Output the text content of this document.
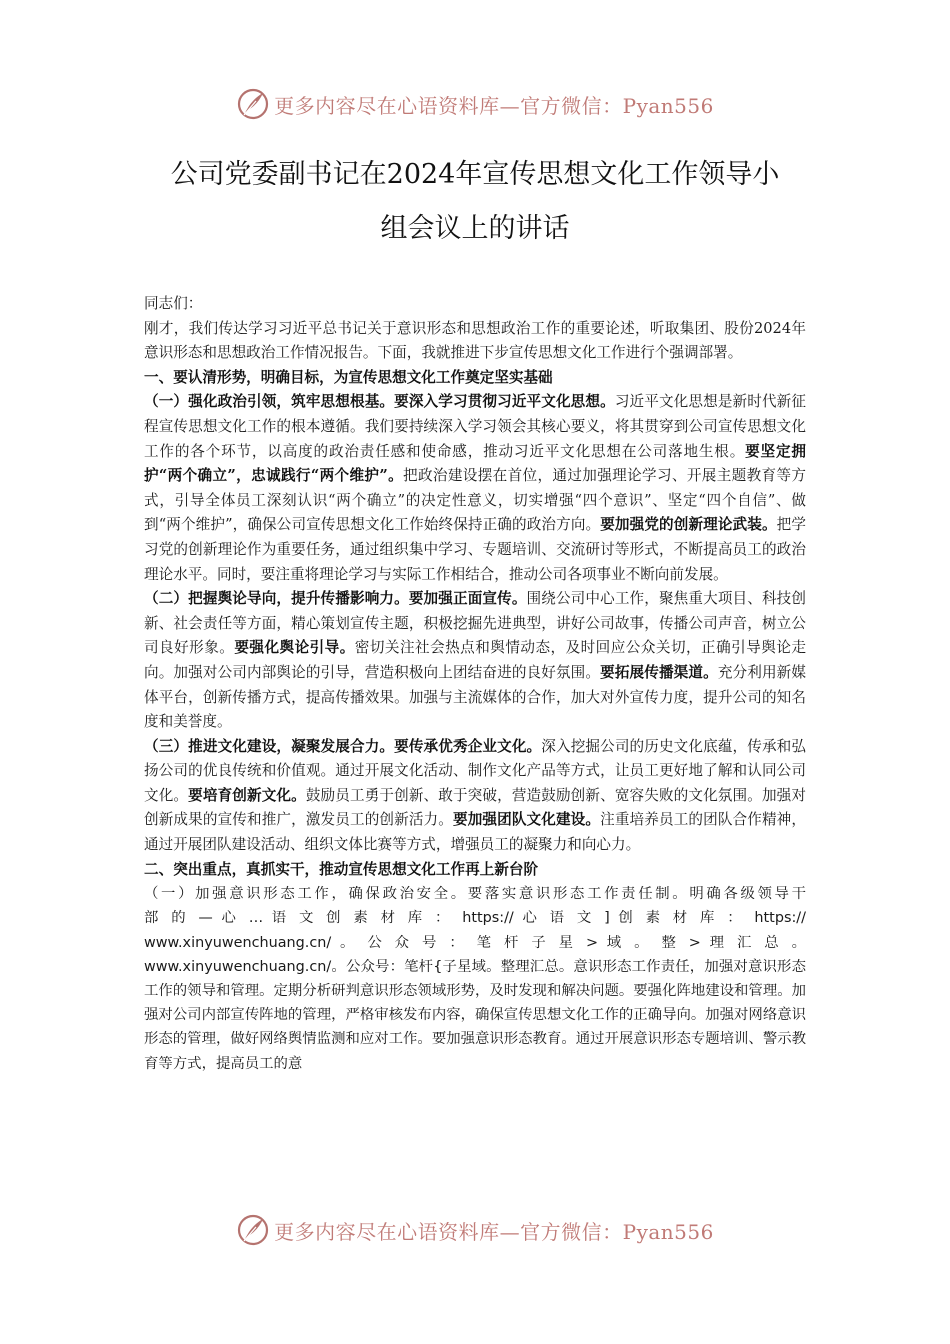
更多内容尽在心语资料库—官方微信：Pyan556
公司党委副书记在2024年宣传思想文化工作领导小
组会议上的讲话

同志们：

刚才，我们传达学习习近平总书记关于意识形态和思想政治工作的重要论述，听取集团、股份2024年意识形态和思想政治工作情况报告。下面，我就推进下步宣传思想文化工作进行个强调部署。

一、要认清形势，明确目标，为宣传思想文化工作奠定坚实基础

（一）强化政治引领，筑牢思想根基。要深入学习贯彻习近平文化思想。习近平文化思想是新时代新征程宣传思想文化工作的根本遵循。我们要持续深入学习领会其核心要义，将其贯穿到公司宣传思想文化工作的各个环节，以高度的政治责任感和使命感，推动习近平文化思想在公司落地生根。要坚定拥护“两个确立”，忠诚践行“两个维护”。把政治建设摆在首位，通过加强理论学习、开展主题教育等方式，引导全体员工深刻认识“两个确立”的决定性意义，切实增强“四个意识”、坚定“四个自信”、做到“两个维护”，确保公司宣传思想文化工作始终保持正确的政治方向。要加强党的创新理论武装。把学习党的创新理论作为重要任务，通过组织集中学习、专题培训、交流研讨等形式，不断提高员工的政治理论水平。同时，要注重将理论学习与实际工作相结合，推动公司各项事业不断向前发展。

（二）把握舆论导向，提升传播影响力。要加强正面宣传。围绕公司中心工作，聚焦重大项目、科技创新、社会责任等方面，精心策划宣传主题，积极挖掘先进典型，讲好公司故事，传播公司声音，树立公司良好形象。要强化舆论引导。密切关注社会热点和舆情动态，及时回应公众关切，正确引导舆论走向。加强对公司内部舆论的引导，营造积极向上团结奋进的良好氛围。要拓展传播渠道。充分利用新媒体平台，创新传播方式，提高传播效果。加强与主流媒体的合作，加大对外宣传力度，提升公司的知名度和美誉度。

（三）推进文化建设，凝聚发展合力。要传承优秀企业文化。深入挖掘公司的历史文化底蕴，传承和弘扬公司的优良传统和价值观。通过开展文化活动、制作文化产品等方式，让员工更好地了解和认同公司文化。要培育创新文化。鼓励员工勇于创新、敢于突破，营造鼓励创新、宽容失败的文化氛围。加强对创新成果的宣传和推广，激发员工的创新活力。要加强团队文化建设。注重培养员工的团队合作精神，通过开展团队建设活动、组织文体比赛等方式，增强员工的凝聚力和向心力。

二、突出重点，真抓实干，推动宣传思想文化工作再上新台阶

（一）加强意识形态工作，确保政治安全。要落实意识形态工作责任制。明确各级领导干

部 的 — 心 … 语 文 创 素 材 库 ： https:// 心 语 文 ] 创 素 材 库 ： https://

www.xinyuwenchuang.cn/ 。 公 众 号 ： 笔 杆 子 星 > 域 。 整 > 理 汇 总 。

www.xinyuwenchuang.cn/。公众号：笔杆{子星域。整理汇总。意识形态工作责任，加强对意识形态工作的领导和管理。定期分析研判意识形态领域形势，及时发现和解决问题。要强化阵地建设和管理。加强对公司内部宣传阵地的管理，严格审核发布内容，确保宣传思想文化工作的正确导向。加强对网络意识形态的管理，做好网络舆情监测和应对工作。要加强意识形态教育。通过开展意识形态专题培训、警示教育等方式，提高员工的意

更多内容尽在心语资料库—官方微信：Pyan556
